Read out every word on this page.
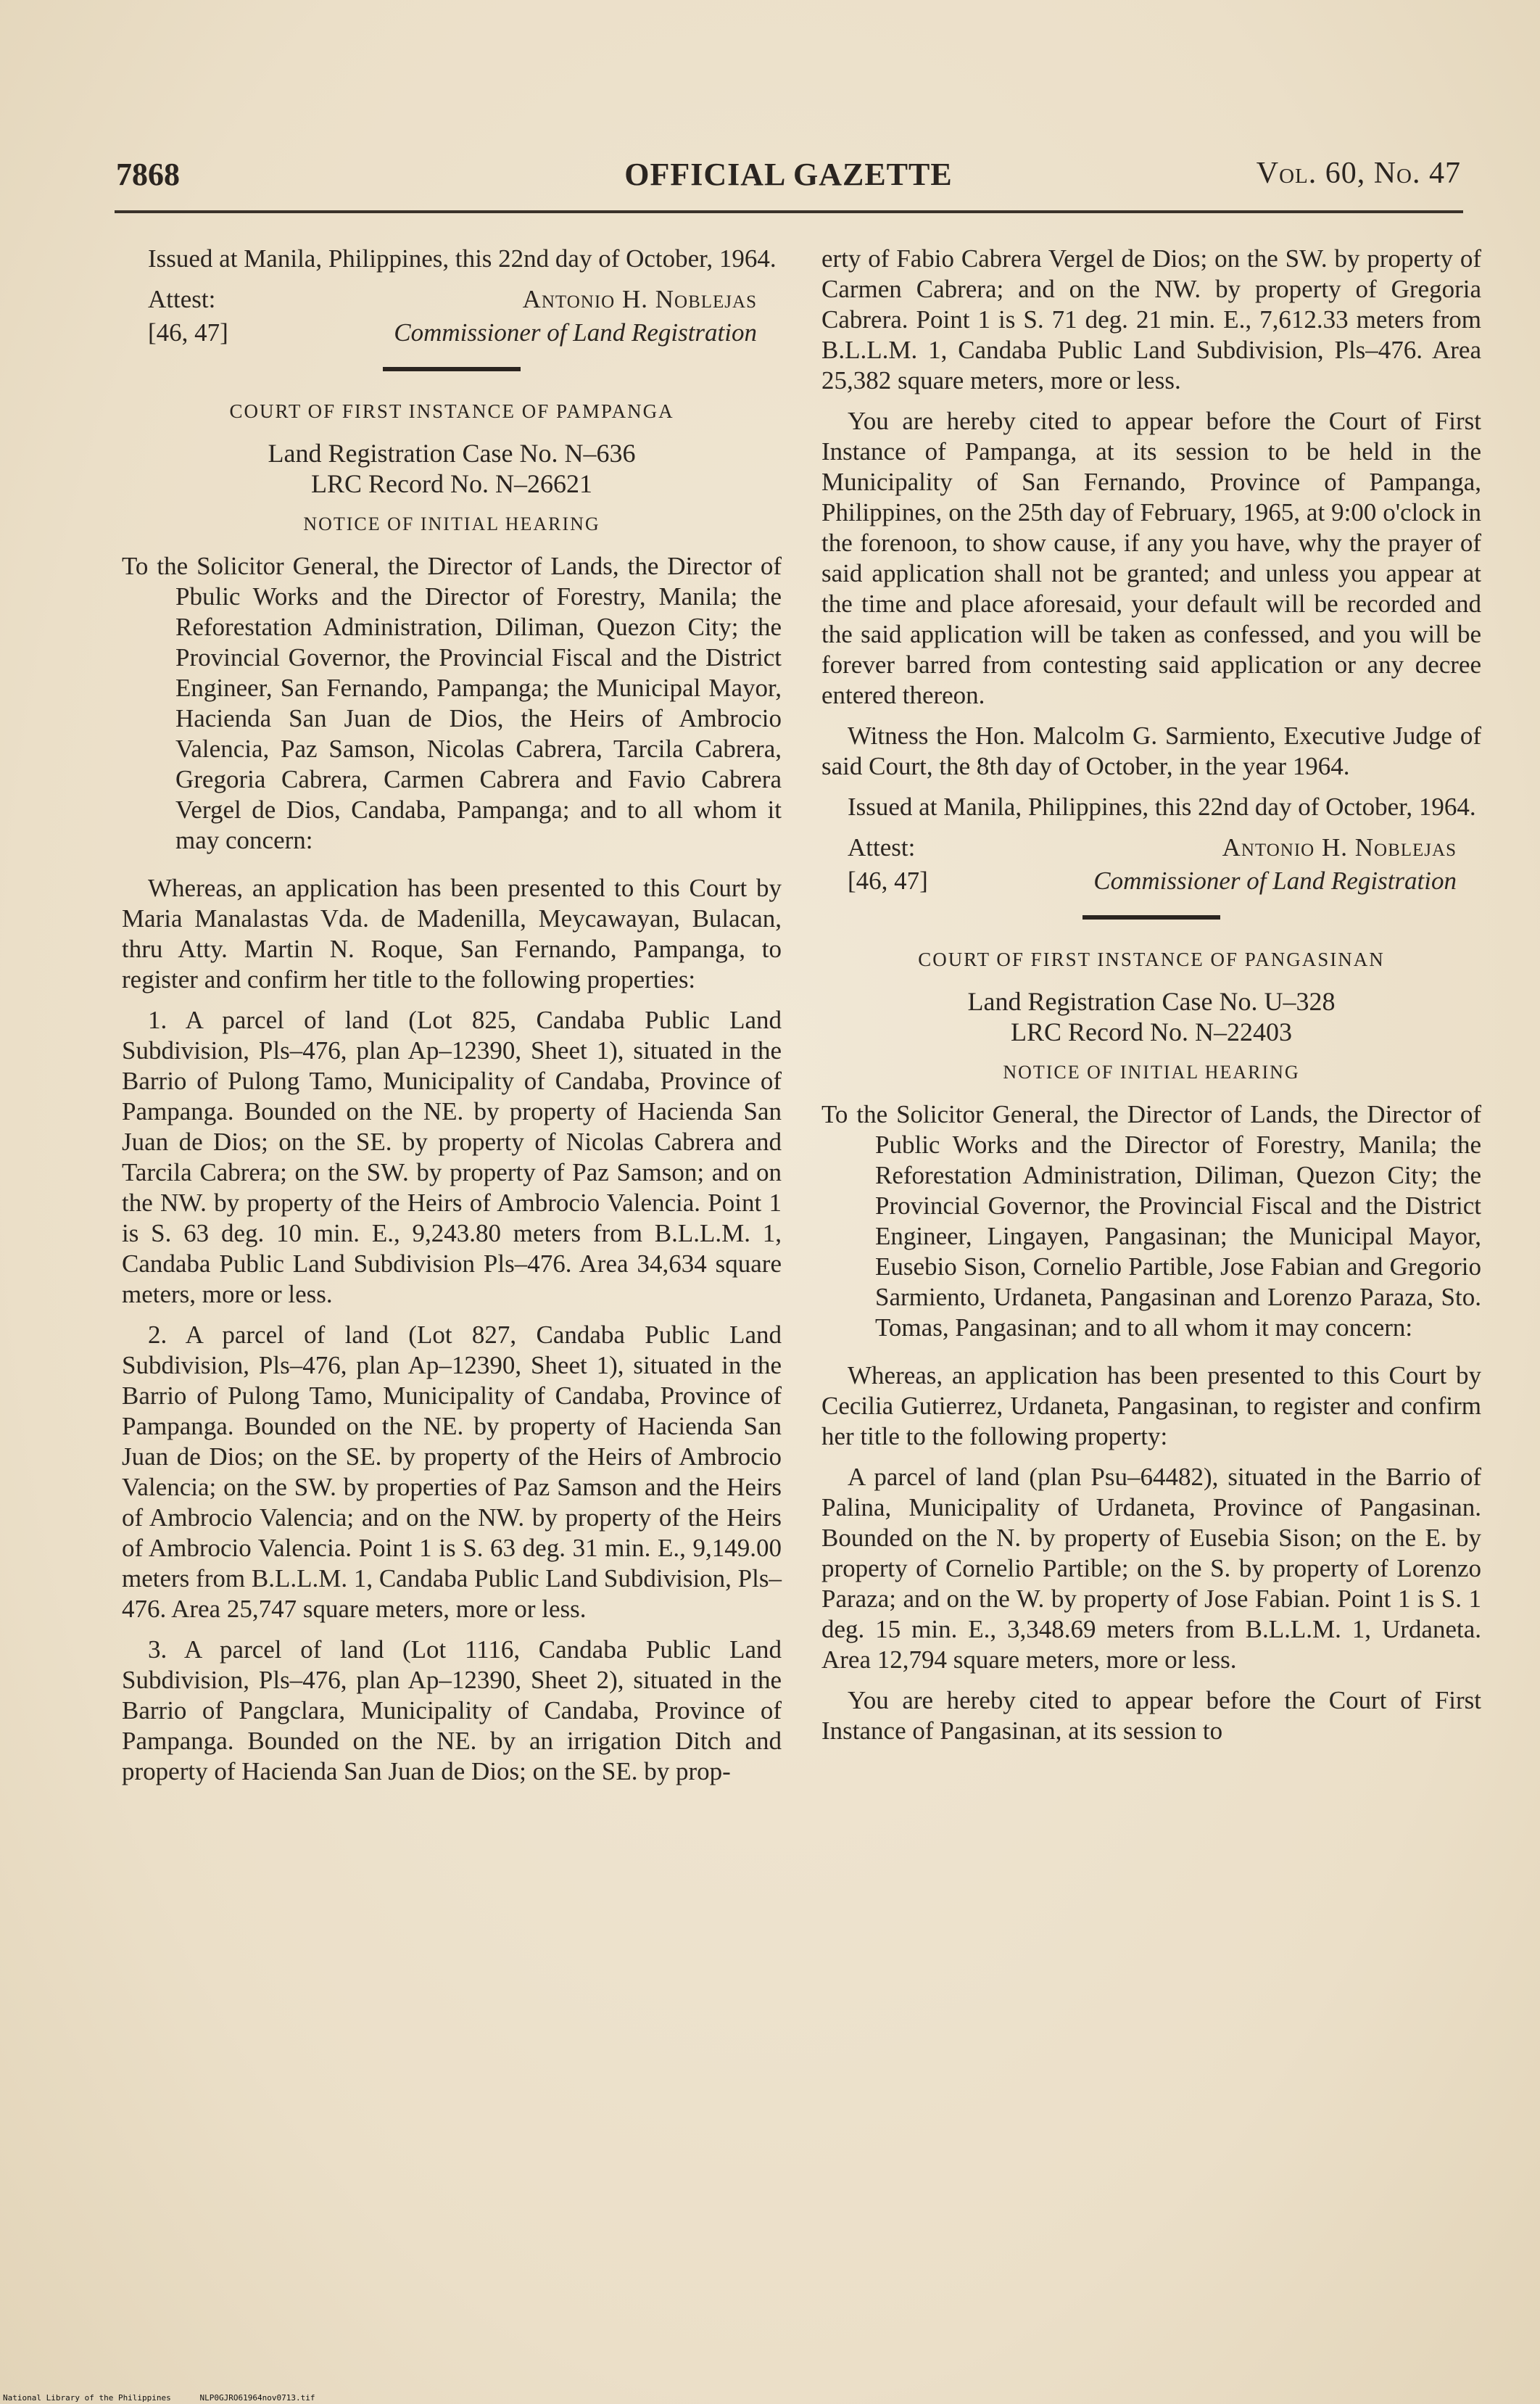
7868	OFFICIAL GAZETTE	Vol. 60, No. 47

Issued at Manila, Philippines, this 22nd day of October, 1964.

Attest:	Antonio H. Noblejas
[46, 47]	Commissioner of Land Registration

COURT OF FIRST INSTANCE OF PAMPANGA

Land Registration Case No. N–636

LRC Record No. N–26621

NOTICE OF INITIAL HEARING

To the Solicitor General, the Director of Lands, the Director of Pbulic Works and the Director of Forestry, Manila; the Reforestation Administration, Diliman, Quezon City; the Provincial Governor, the Provincial Fiscal and the District Engineer, San Fernando, Pampanga; the Municipal Mayor, Hacienda San Juan de Dios, the Heirs of Ambrocio Valencia, Paz Samson, Nicolas Cabrera, Tarcila Cabrera, Gregoria Cabrera, Carmen Cabrera and Favio Cabrera Vergel de Dios, Candaba, Pampanga; and to all whom it may concern:

Whereas, an application has been presented to this Court by Maria Manalastas Vda. de Madenilla, Meycawayan, Bulacan, thru Atty. Martin N. Roque, San Fernando, Pampanga, to register and confirm her title to the following properties:

1. A parcel of land (Lot 825, Candaba Public Land Subdivision, Pls–476, plan Ap–12390, Sheet 1), situated in the Barrio of Pulong Tamo, Municipality of Candaba, Province of Pampanga. Bounded on the NE. by property of Hacienda San Juan de Dios; on the SE. by property of Nicolas Cabrera and Tarcila Cabrera; on the SW. by property of Paz Samson; and on the NW. by property of the Heirs of Ambrocio Valencia. Point 1 is S. 63 deg. 10 min. E., 9,243.80 meters from B.L.L.M. 1, Candaba Public Land Subdivision Pls–476. Area 34,634 square meters, more or less.

2. A parcel of land (Lot 827, Candaba Public Land Subdivision, Pls–476, plan Ap–12390, Sheet 1), situated in the Barrio of Pulong Tamo, Municipality of Candaba, Province of Pampanga. Bounded on the NE. by property of Hacienda San Juan de Dios; on the SE. by property of the Heirs of Ambrocio Valencia; on the SW. by properties of Paz Samson and the Heirs of Ambrocio Valencia; and on the NW. by property of the Heirs of Ambrocio Valencia. Point 1 is S. 63 deg. 31 min. E., 9,149.00 meters from B.L.L.M. 1, Candaba Public Land Subdivision, Pls–476. Area 25,747 square meters, more or less.

3. A parcel of land (Lot 1116, Candaba Public Land Subdivision, Pls–476, plan Ap–12390, Sheet 2), situated in the Barrio of Pangclara, Municipality of Candaba, Province of Pampanga. Bounded on the NE. by an irrigation Ditch and property of Hacienda San Juan de Dios; on the SE. by prop-

erty of Fabio Cabrera Vergel de Dios; on the SW. by property of Carmen Cabrera; and on the NW. by property of Gregoria Cabrera. Point 1 is S. 71 deg. 21 min. E., 7,612.33 meters from B.L.L.M. 1, Candaba Public Land Subdivision, Pls–476. Area 25,382 square meters, more or less.

You are hereby cited to appear before the Court of First Instance of Pampanga, at its session to be held in the Municipality of San Fernando, Province of Pampanga, Philippines, on the 25th day of February, 1965, at 9:00 o'clock in the forenoon, to show cause, if any you have, why the prayer of said application shall not be granted; and unless you appear at the time and place aforesaid, your default will be recorded and the said application will be taken as confessed, and you will be forever barred from contesting said application or any decree entered thereon.

Witness the Hon. Malcolm G. Sarmiento, Executive Judge of said Court, the 8th day of October, in the year 1964.

Issued at Manila, Philippines, this 22nd day of October, 1964.

Attest:	Antonio H. Noblejas
[46, 47]	Commissioner of Land Registration

COURT OF FIRST INSTANCE OF PANGASINAN

Land Registration Case No. U–328

LRC Record No. N–22403

NOTICE OF INITIAL HEARING

To the Solicitor General, the Director of Lands, the Director of Public Works and the Director of Forestry, Manila; the Reforestation Administration, Diliman, Quezon City; the Provincial Governor, the Provincial Fiscal and the District Engineer, Lingayen, Pangasinan; the Municipal Mayor, Eusebio Sison, Cornelio Partible, Jose Fabian and Gregorio Sarmiento, Urdaneta, Pangasinan and Lorenzo Paraza, Sto. Tomas, Pangasinan; and to all whom it may concern:

Whereas, an application has been presented to this Court by Cecilia Gutierrez, Urdaneta, Pangasinan, to register and confirm her title to the following property:

A parcel of land (plan Psu–64482), situated in the Barrio of Palina, Municipality of Urdaneta, Province of Pangasinan. Bounded on the N. by property of Eusebia Sison; on the E. by property of Cornelio Partible; on the S. by property of Lorenzo Paraza; and on the W. by property of Jose Fabian. Point 1 is S. 1 deg. 15 min. E., 3,348.69 meters from B.L.L.M. 1, Urdaneta. Area 12,794 square meters, more or less.

You are hereby cited to appear before the Court of First Instance of Pangasinan, at its session to

National Library of the Philippines      NLP0GJRO61964nov0713.tif
